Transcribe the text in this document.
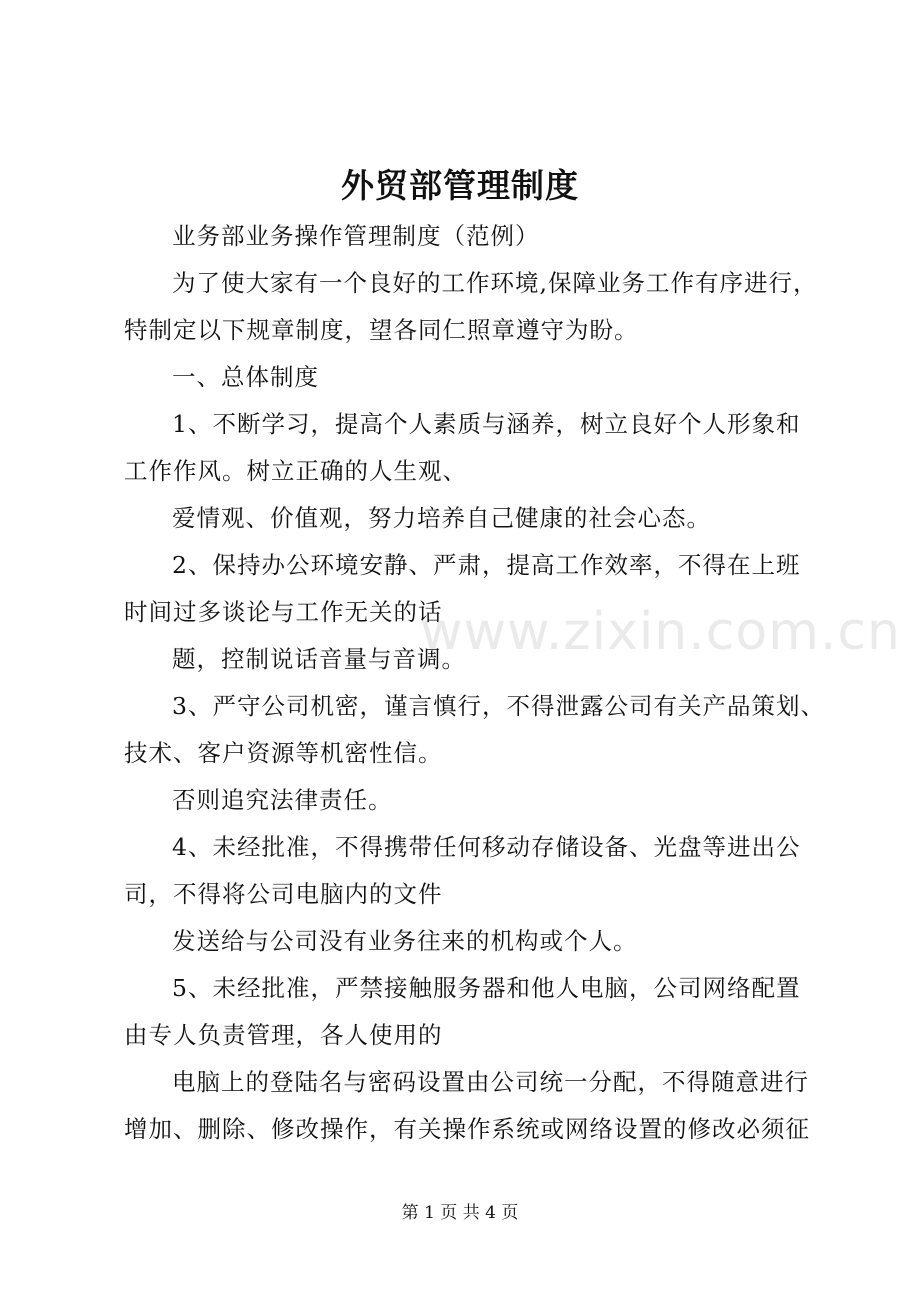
外贸部管理制度
业务部业务操作管理制度（范例）
为了使大家有一个良好的工作环境,保障业务工作有序进行，
特制定以下规章制度，望各同仁照章遵守为盼。
一、总体制度
1、不断学习，提高个人素质与涵养，树立良好个人形象和
工作作风。树立正确的人生观、
爱情观、价值观，努力培养自己健康的社会心态。
2、保持办公环境安静、严肃，提高工作效率，不得在上班
时间过多谈论与工作无关的话
题，控制说话音量与音调。
3、严守公司机密，谨言慎行，不得泄露公司有关产品策划、
技术、客户资源等机密性信。
否则追究法律责任。
4、未经批准，不得携带任何移动存储设备、光盘等进出公
司，不得将公司电脑内的文件
发送给与公司没有业务往来的机构或个人。
5、未经批准，严禁接触服务器和他人电脑，公司网络配置
由专人负责管理，各人使用的
电脑上的登陆名与密码设置由公司统一分配，不得随意进行
增加、删除、修改操作，有关操作系统或网络设置的修改必须征
www.zixin.com.cn
第 1 页 共 4 页
